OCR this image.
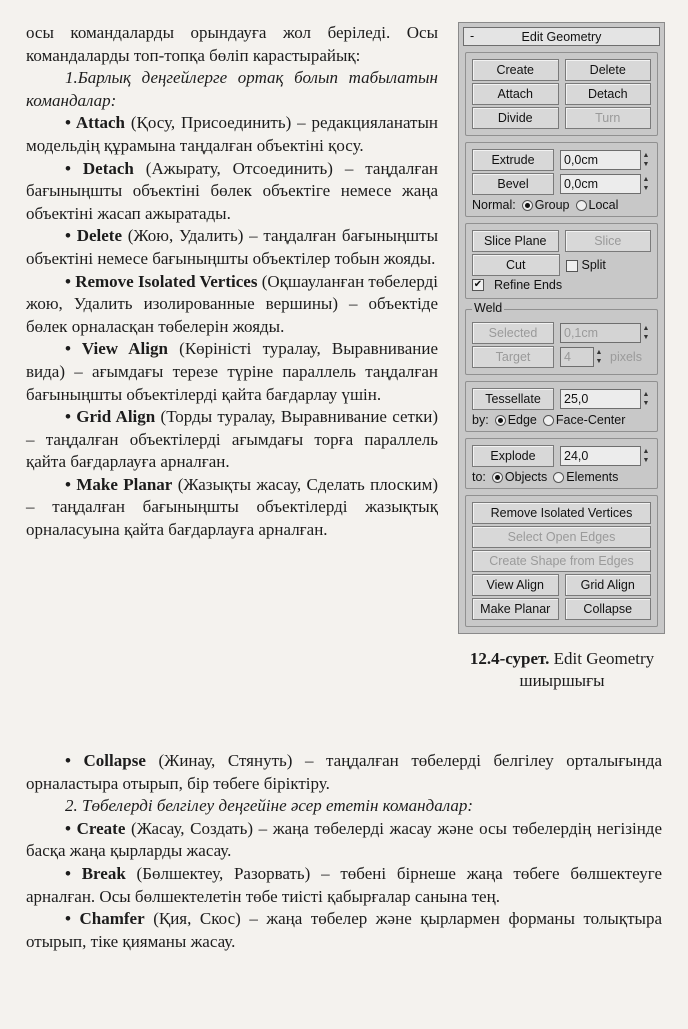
осы командаларды орындауға жол беріледі. Осы командаларды топ-топқа бөліп карастырайық:

1.Барлық деңгейлерге ортақ болып табылатын командалар:

• Attach (Қосу, Присоединить) – редакцияланатын модельдің құрамына таңдалған объектіні қосу.

• Detach (Ажырату, Отсоединить) – таңдалған бағыныңшты объектіні бөлек объектіге немесе жаңа объектіні жасап ажыратады.

• Delete (Жою, Удалить) – таңдалған бағыныңшты объектіні немесе бағыныңшты объектілер тобын жояды.

• Remove Isolated Vertices (Оқшауланған төбелерді жою, Удалить изолированные вершины) – объектіде бөлек орналасқан төбелерін жояды.

• View Align (Көріністі туралау, Выравнивание вида) – ағымдағы терезе түріне параллель таңдалған бағыныңшты объектілерді қайта бағдарлау үшін.

• Grid Align (Торды туралау, Выравнивание сетки) – таңдалған объектілерді ағымдағы торға параллель қайта бағдарлауға арналған.

• Make Planar (Жазықты жасау, Сделать плоским) – таңдалған бағыныңшты объектілерді жазықтық орналасуына қайта бағдарлауға арналған.

• Collapse (Жинау, Стянуть) – таңдалған төбелерді белгілеу орталығында орналастыра отырып, бір төбеге біріктіру.

2. Төбелерді белгілеу деңгейіне әсер ететін командалар:

• Create (Жасау, Создать) – жаңа төбелерді жасау және осы төбелердің негізінде басқа жаңа қырларды жасау.

• Break (Бөлшектеу, Разорвать) – төбені бірнеше жаңа төбеге бөлшектеуге арналған. Осы бөлшектелетін төбе тиісті қабырғалар санына тең.

• Chamfer (Қия, Скос) – жаңа төбелер және қырлармен форманы толықтыра отырып, тіке қияманы жасау.

-	Edit Geometry
Create	Delete
Attach	Detach
Divide	Turn
Extrude	0,0cm	▲
▼
Bevel	0,0cm	▲
▼
Normal:	Group	Local
Slice Plane	Slice
Cut	Split
✔ Refine Ends
Weld
Selected	0,1cm	▲
▼
Target	4	▲
▼ pixels
Tessellate	25,0	▲
▼
by:	Edge	Face-Center
Explode	24,0	▲
▼
to:	Objects	Elements
Remove Isolated Vertices
Select Open Edges
Create Shape from Edges
View Align	Grid Align
Make Planar	Collapse
12.4-сурет. Edit Geometry шиыршығы
